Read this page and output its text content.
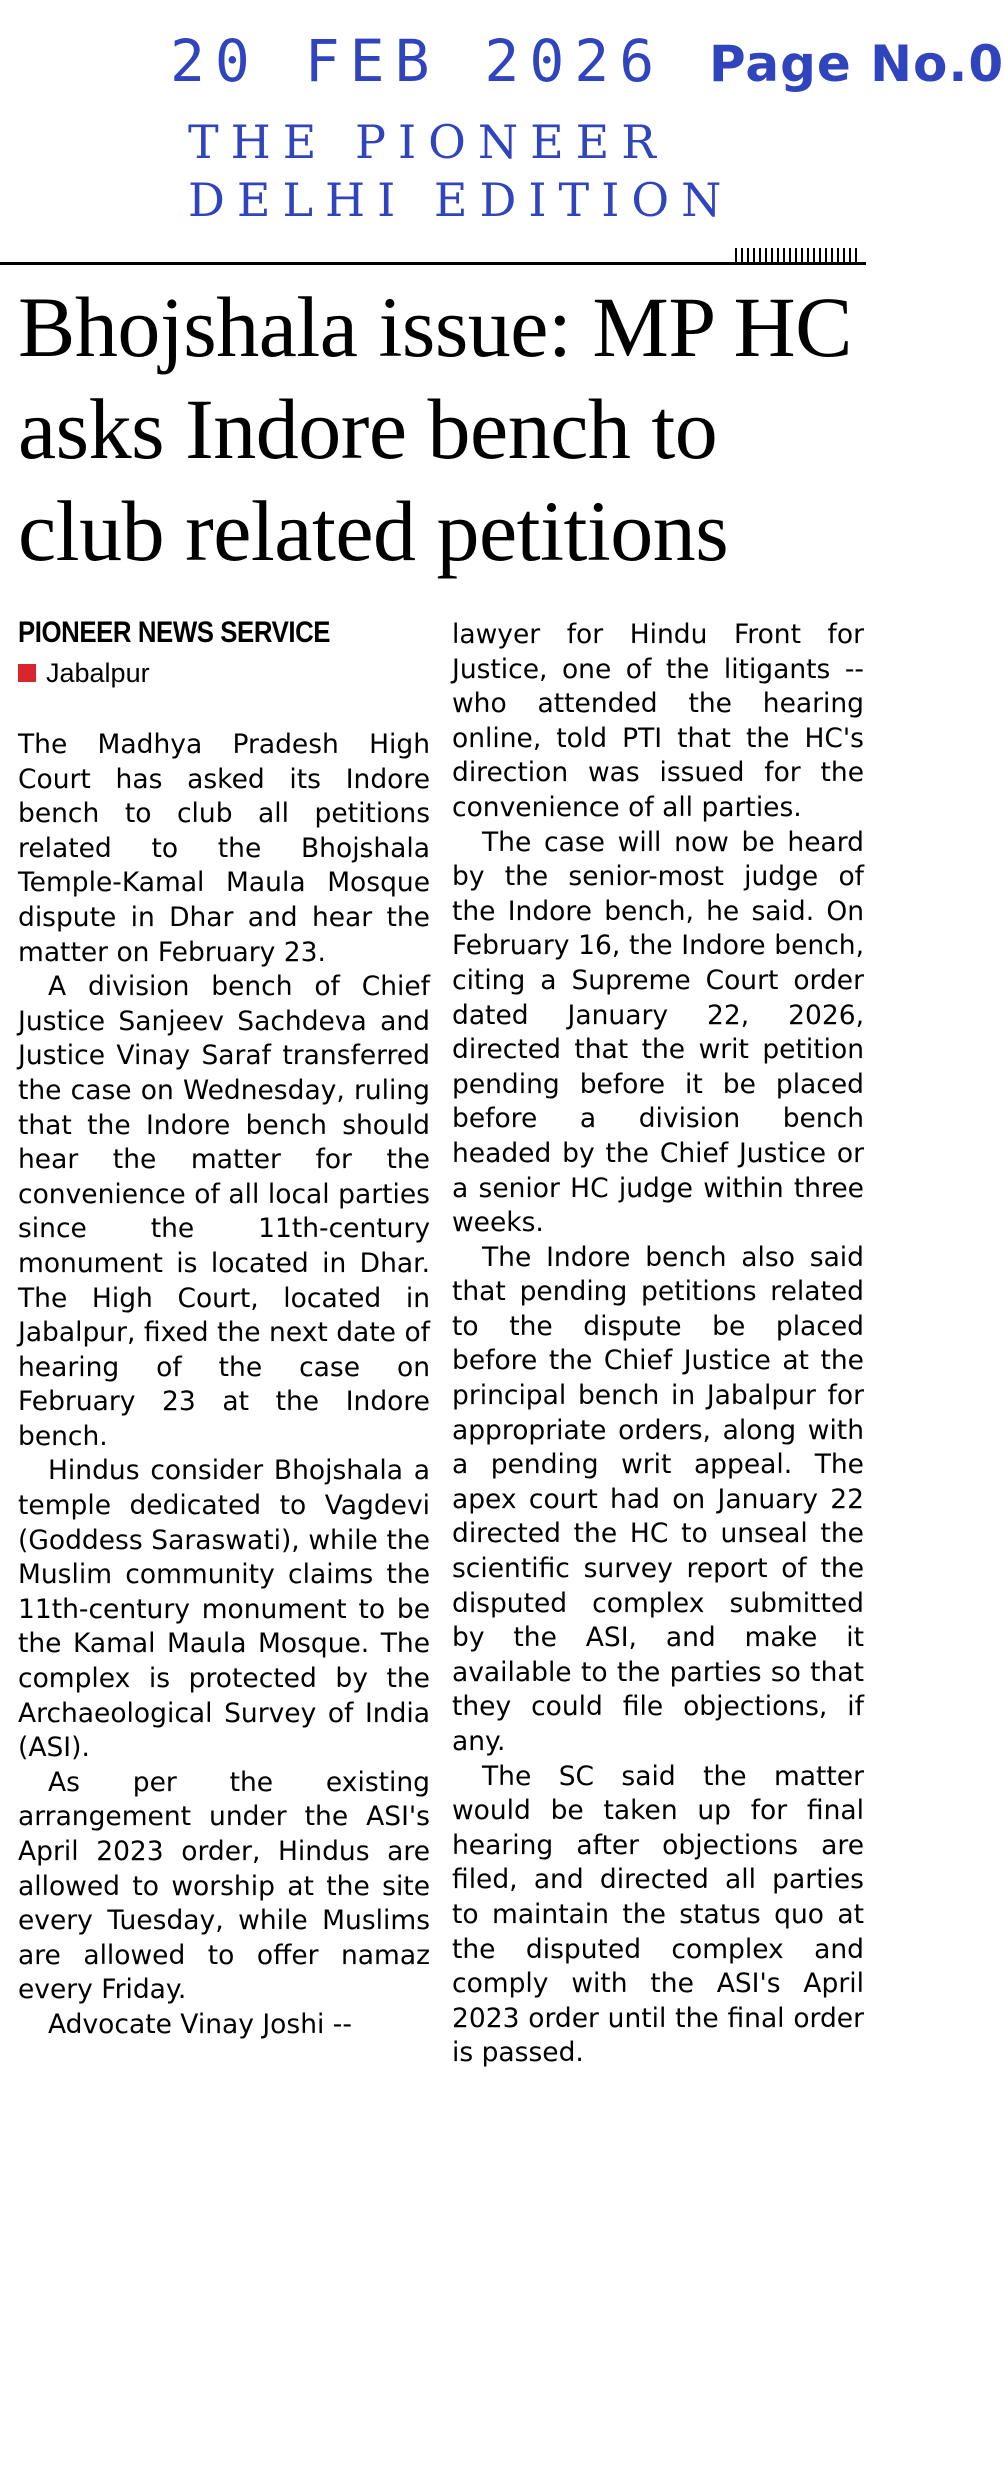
20 FEB 2026 Page No.0
THE PIONEER
DELHI EDITION
Bhojshala issue: MP HC asks Indore bench to club related petitions
PIONEER NEWS SERVICE
Jabalpur

The Madhya Pradesh High Court has asked its Indore bench to club all petitions related to the Bhojshala Temple-Kamal Maula Mosque dispute in Dhar and hear the matter on February 23.

A division bench of Chief Justice Sanjeev Sachdeva and Justice Vinay Saraf transferred the case on Wednesday, ruling that the Indore bench should hear the matter for the convenience of all local parties since the 11th-century monument is located in Dhar. The High Court, located in Jabalpur, fixed the next date of hearing of the case on February 23 at the Indore bench.

Hindus consider Bhojshala a temple dedicated to Vagdevi (Goddess Saraswati), while the Muslim community claims the 11th-century monument to be the Kamal Maula Mosque. The complex is protected by the Archaeological Survey of India (ASI).

As per the existing arrangement under the ASI's April 2023 order, Hindus are allowed to worship at the site every Tuesday, while Muslims are allowed to offer namaz every Friday.

Advocate Vinay Joshi --

lawyer for Hindu Front for Justice, one of the litigants -- who attended the hearing online, told PTI that the HC's direction was issued for the convenience of all parties.

The case will now be heard by the senior-most judge of the Indore bench, he said. On February 16, the Indore bench, citing a Supreme Court order dated January 22, 2026, directed that the writ petition pending before it be placed before a division bench headed by the Chief Justice or a senior HC judge within three weeks.

The Indore bench also said that pending petitions related to the dispute be placed before the Chief Justice at the principal bench in Jabalpur for appropriate orders, along with a pending writ appeal. The apex court had on January 22 directed the HC to unseal the scientific survey report of the disputed complex submitted by the ASI, and make it available to the parties so that they could file objections, if any.

The SC said the matter would be taken up for final hearing after objections are filed, and directed all parties to maintain the status quo at the disputed complex and comply with the ASI's April 2023 order until the final order is passed.
